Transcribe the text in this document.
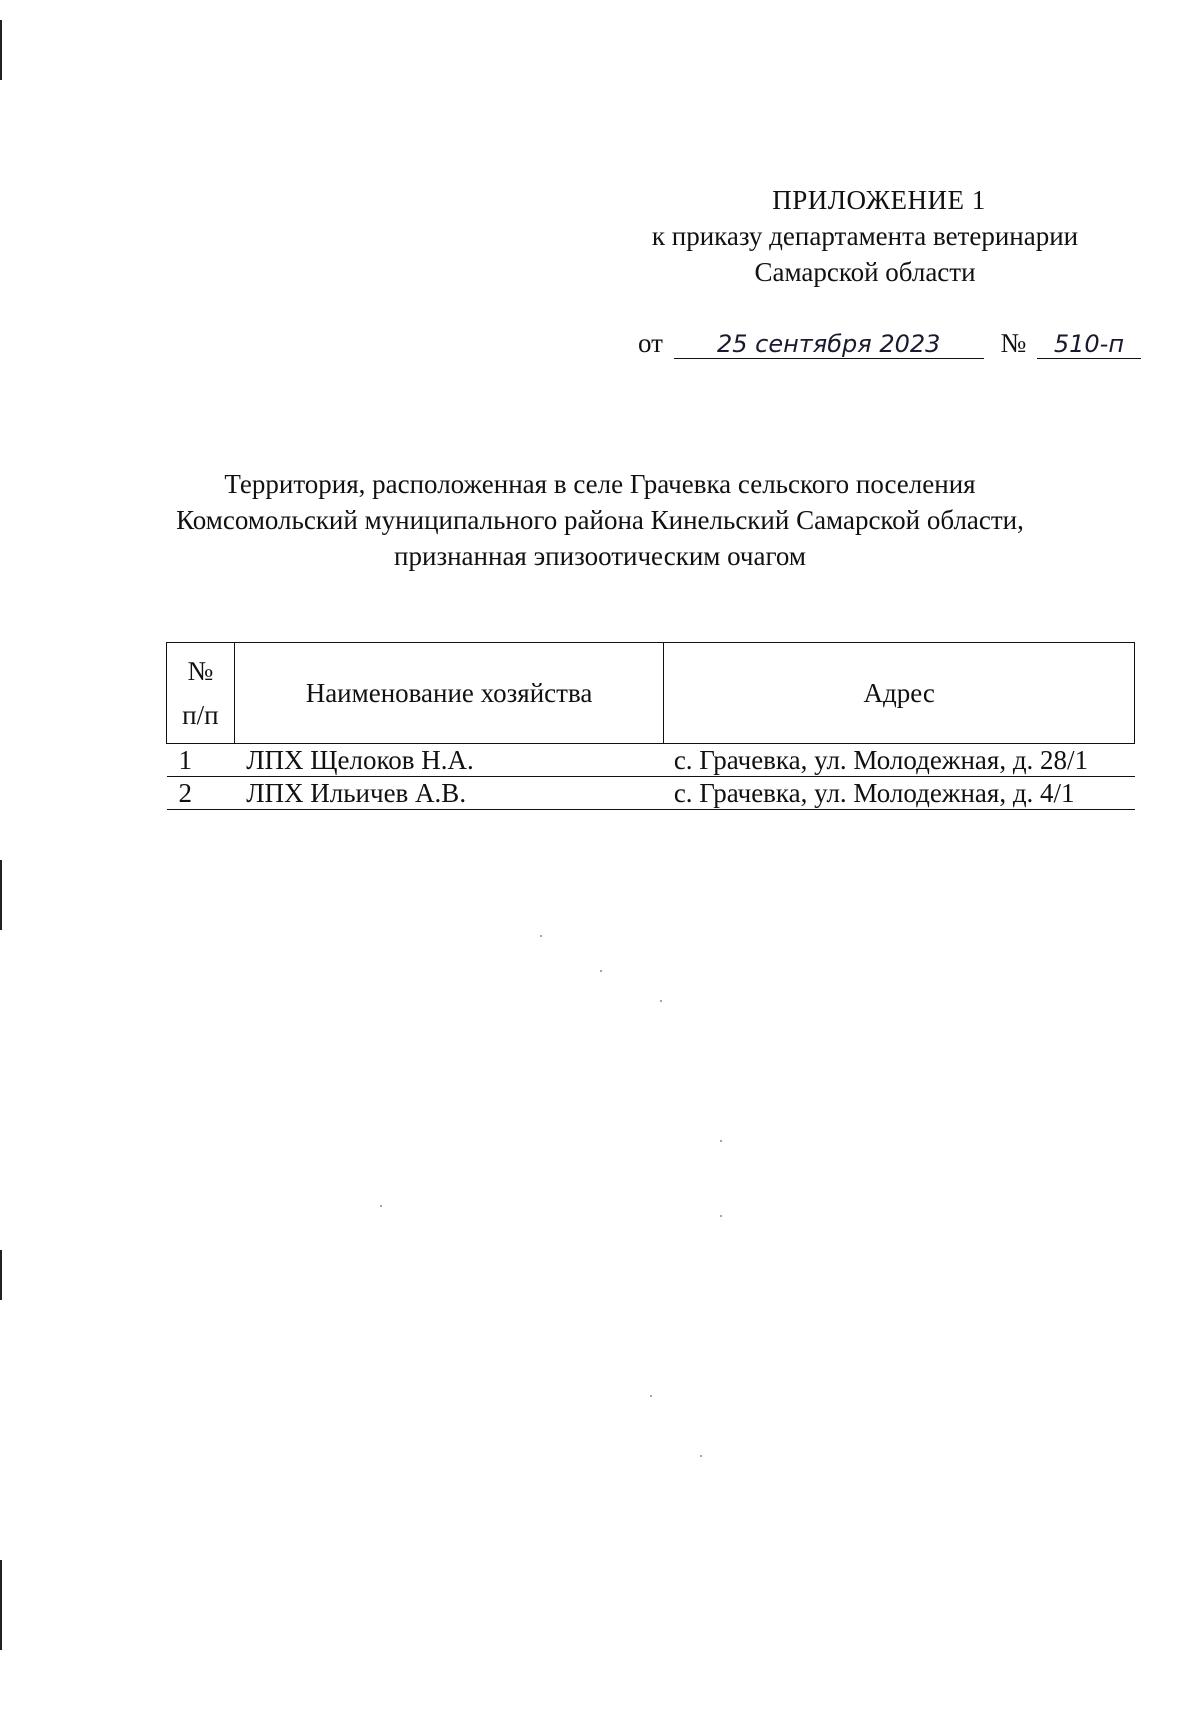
ПРИЛОЖЕНИЕ 1
к приказу департамента ветеринарии
Самарской области
от 25 сентября 2023 № 510-п
Территория, расположенная в селе Грачевка сельского поселения
Комсомольский муниципального района Кинельский Самарской области,
признанная эпизоотическим очагом
№
п/п	Наименование хозяйства	Адрес
1	ЛПХ Щелоков Н.А.	с. Грачевка, ул. Молодежная, д. 28/1
2	ЛПХ Ильичев А.В.	с. Грачевка, ул. Молодежная, д. 4/1
